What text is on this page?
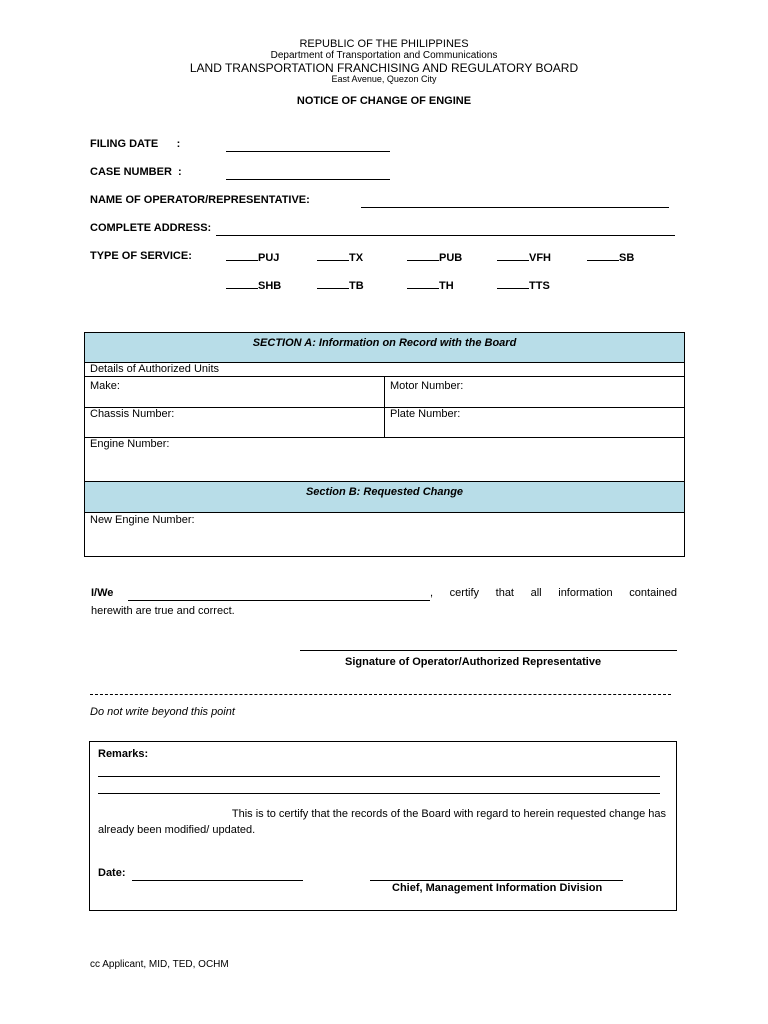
REPUBLIC OF THE PHILIPPINES
Department of Transportation and Communications
LAND TRANSPORTATION FRANCHISING AND REGULATORY BOARD
East Avenue, Quezon City
NOTICE OF CHANGE OF ENGINE
FILING DATE      :
CASE NUMBER  :
NAME OF OPERATOR/REPRESENTATIVE:
COMPLETE ADDRESS:
TYPE OF SERVICE:	PUJ	TX	PUB	VFH	SB
SHB	TB	TH	TTS
SECTION A: Information on Record with the Board
Details of Authorized Units
Make:	Motor Number:
Chassis Number:	Plate Number:
Engine Number:
Section B: Requested Change
New Engine Number:
I/We	, certify that all information contained
herewith are true and correct.
Signature of Operator/Authorized Representative
Do not write beyond this point
Remarks:
This is to certify that the records of the Board with regard to herein requested change has
already been modified/ updated.
Date:
Chief, Management Information Division
cc Applicant, MID, TED, OCHM
